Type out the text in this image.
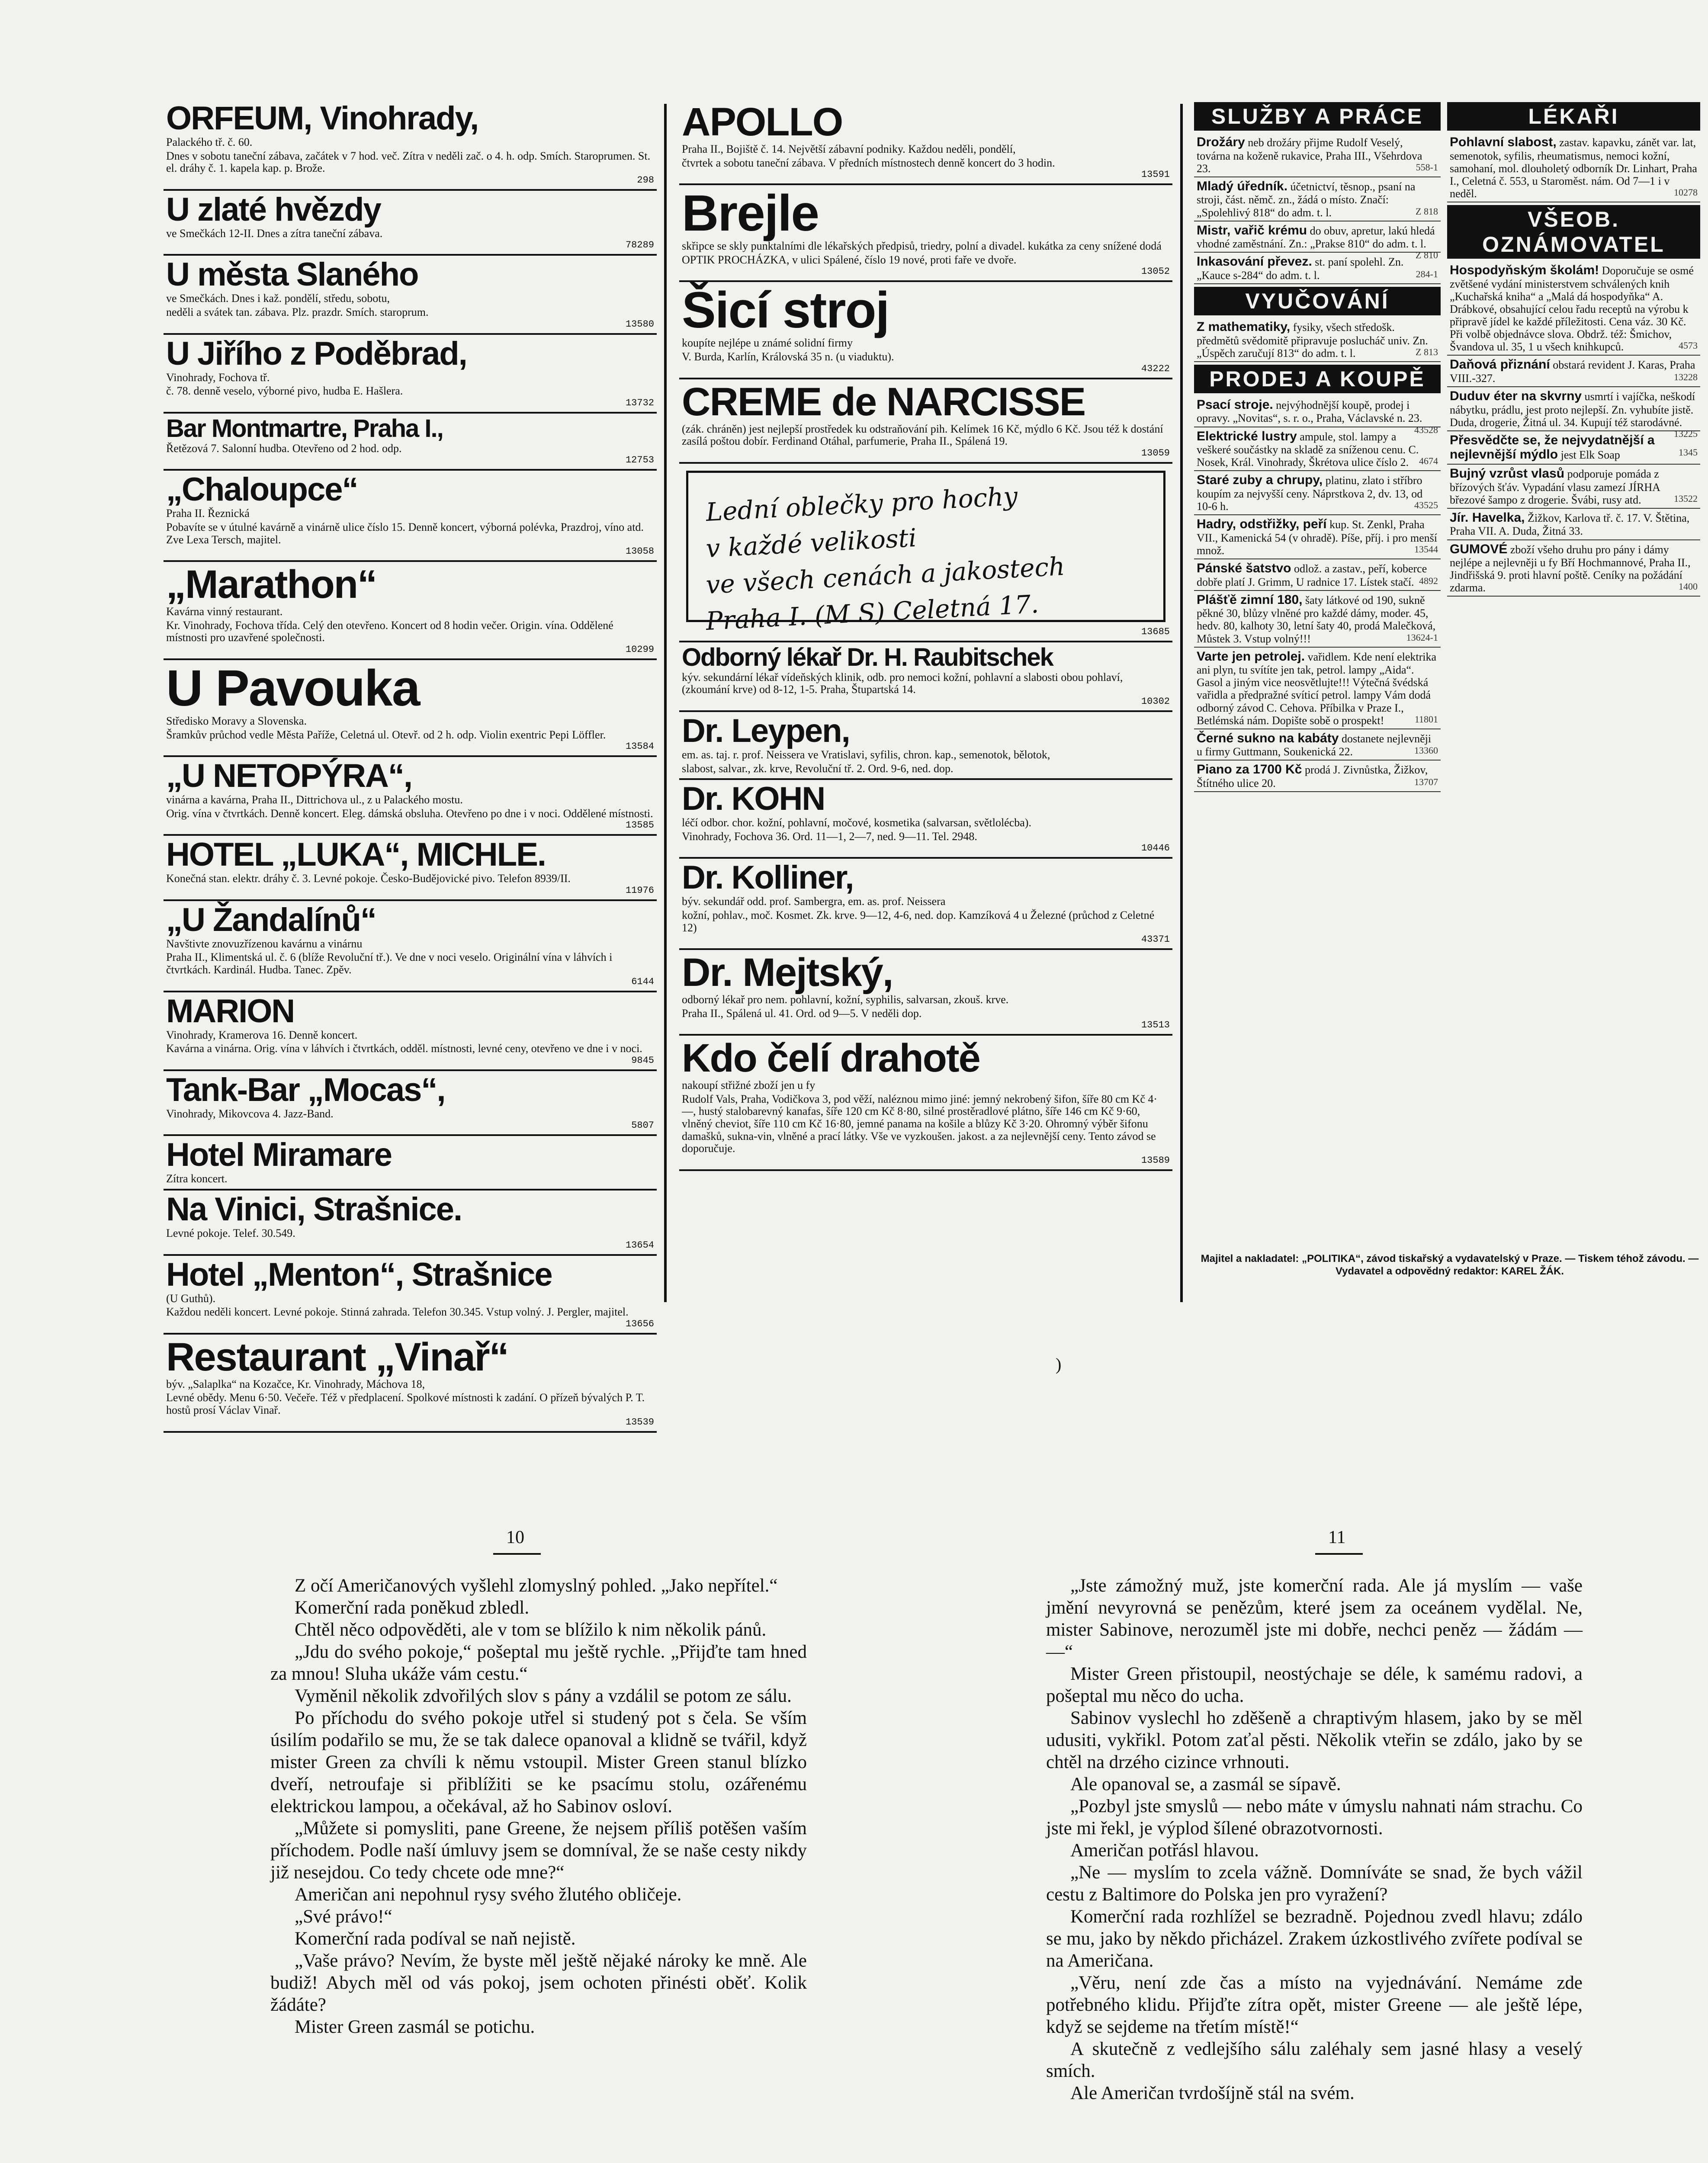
ORFEUM, Vinohrady,
Palackého tř. č. 60.
Dnes v sobotu taneční zábava, začátek v 7 hod. več. Zítra v neděli zač. o 4. h. odp. Smích. Staroprumen. St. el. dráhy č. 1. kapela kap. p. Brože.
298
U zlaté hvězdy
ve Smečkách 12-II. Dnes a zítra taneční zábava.
78289
U města Slaného
ve Smečkách. Dnes i kaž. pondělí, středu, sobotu,
neděli a svátek tan. zábava. Plz. prazdr. Smích. staroprum.
13580
U Jiřího z Poděbrad,
Vinohrady, Fochova tř.
č. 78. denně veselo, výborné pivo, hudba E. Hašlera.
13732
Bar Montmartre, Praha I.,
Řetězová 7. Salonní hudba. Otevřeno od 2 hod. odp.
12753
„Chaloupce“
Praha II. Řeznická
Pobavíte se v útulné kavárně a vinárně ulice číslo 15. Denně koncert, výborná polévka, Prazdroj, víno atd. Zve Lexa Tersch, majitel.
13058
„Marathon“
Kavárna vinný restaurant.
Kr. Vinohrady, Fochova třída. Celý den otevřeno. Koncert od 8 hodin večer. Origin. vína. Oddělené místnosti pro uzavřené společnosti.
10299
U Pavouka
Středisko Moravy a Slovenska.
Šramkův průchod vedle Města Paříže, Celetná ul. Otevř. od 2 h. odp. Violin exentric Pepi Löffler.
13584
„U NETOPÝRA“,
vinárna a kavárna, Praha II., Dittrichova ul., z u Palackého mostu.
Orig. vína v čtvrtkách. Denně koncert. Eleg. dámská obsluha. Otevřeno po dne i v noci. Oddělené místnosti.
13585
HOTEL „LUKA“, MICHLE.
Konečná stan. elektr. dráhy č. 3. Levné pokoje. Česko-Budějovické pivo. Telefon 8939/II.
11976
„U Žandalínů“
Navštivte znovuzřízenou kavárnu a vinárnu
Praha II., Klimentská ul. č. 6 (blíže Revoluční tř.). Ve dne v noci veselo. Originální vína v láhvích i čtvrtkách. Kardinál. Hudba. Tanec. Zpěv.
6144
MARION
Vinohrady, Kramerova 16. Denně koncert.
Kavárna a vinárna. Orig. vína v láhvích i čtvrtkách, odděl. místnosti, levné ceny, otevřeno ve dne i v noci.
9845
Tank-Bar „Mocas“,
Vinohrady, Mikovcova 4. Jazz-Band.
5807
Hotel Miramare
Zítra koncert.
Na Vinici, Strašnice.
Levné pokoje. Telef. 30.549.
13654
Hotel „Menton“, Strašnice
(U Guthů).
Každou neděli koncert. Levné pokoje. Stinná zahrada. Telefon 30.345. Vstup volný. J. Pergler, majitel.
13656
Restaurant „Vinař“
býv. „Salaplka“ na Kozačce, Kr. Vinohrady, Máchova 18,
Levné obědy. Menu 6·50. Večeře. Též v předplacení. Spolkové místnosti k zadání. O přízeň bývalých P. T. hostů prosí Václav Vinař.
13539
APOLLO
Praha II., Bojiště č. 14. Největší zábavní podniky. Každou neděli, pondělí,
čtvrtek a sobotu taneční zábava. V předních místnostech denně koncert do 3 hodin.
13591
Brejle
skřipce se skly punktalními dle lékařských předpisů, triedry, polní a divadel. kukátka za ceny snížené dodá
OPTIK PROCHÁZKA, v ulici Spálené, číslo 19 nové, proti faře ve dvoře.
13052
Šicí stroj
koupíte nejlépe u známé solidní firmy
V. Burda, Karlín, Královská 35 n. (u viaduktu).
43222
CREME de NARCISSE
(zák. chráněn) jest nejlepší prostředek ku odstraňování pih. Kelímek 16 Kč, mýdlo 6 Kč. Jsou též k dostání zasílá poštou dobír. Ferdinand Otáhal, parfumerie, Praha II., Spálená 19.
13059
Lední oblečky pro hochy
v každé velikosti
ve všech cenách a jakostech
Praha I. (M S) Celetná 17.	13685
Odborný lékař Dr. H. Raubitschek
kýv. sekundární lékař vídeňských klinik, odb. pro nemoci kožní, pohlavní a slabosti obou pohlaví, (zkoumání krve) od 8-12, 1-5. Praha, Štupartská 14.
10302
Dr. Leypen,
em. as. taj. r. prof. Neissera ve Vratislavi, syfilis, chron. kap., semenotok, bělotok,
slabost, salvar., zk. krve, Revoluční tř. 2. Ord. 9-6, ned. dop.
Dr. KOHN
léčí odbor. chor. kožní, pohlavní, močové, kosmetika (salvarsan, světlolécba).
Vinohrady, Fochova 36. Ord. 11—1, 2—7, ned. 9—11. Tel. 2948.
10446
Dr. Kolliner,
býv. sekundář odd. prof. Sambergra, em. as. prof. Neissera
kožní, pohlav., moč. Kosmet. Zk. krve. 9—12, 4-6, ned. dop. Kamzíková 4 u Železné (průchod z Celetné 12)
43371
Dr. Mejtský,
odborný lékař pro nem. pohlavní, kožní, syphilis, salvarsan, zkouš. krve.
Praha II., Spálená ul. 41. Ord. od 9—5. V neděli dop.
13513
Kdo čelí drahotě
nakoupí střižné zboží jen u fy
Rudolf Vals, Praha, Vodičkova 3, pod věží, naléznou mimo jiné: jemný nekrobený šifon, šíře 80 cm Kč 4·—, hustý stalobarevný kanafas, šíře 120 cm Kč 8·80, silné prostěradlové plátno, šíře 146 cm Kč 9·60, vlněný cheviot, šíře 110 cm Kč 16·80, jemné panama na košile a blůzy Kč 3·20. Ohromný výběr šifonu damašků, sukna-vin, vlněné a prací látky. Vše ve vyzkoušen. jakost. a za nejlevnější ceny. Tento závod se doporučuje.
13589
SLUŽBY A PRÁCE
Drožáry neb drožáry přijme Rudolf Veselý, továrna na koženě rukavice, Praha III., Všehrdova 23.	558-1
Mladý úředník. účetnictví, těsnop., psaní na stroji, část. němč. zn., žádá o místo. Značí: „Spolehlivý 818“ do adm. t. l.	Z 818
Mistr, vařič krému do obuv, apretur, lakú hledá vhodné zaměstnání. Zn.: „Prakse 810“ do adm. t. l.
Z 810
Inkasování převez. st. paní spolehl. Zn. „Kauce s-284“ do adm. t. l.	284-1
VYUČOVÁNÍ
Z mathematiky, fysiky, všech středošk. předmětů svědomitě připravuje poslucháč univ. Zn. „Úspěch zaručují 813“ do adm. t. l.	Z 813
PRODEJ A KOUPĚ
Psací stroje. nejvýhodnější koupě, prodej i opravy. „Novitas“, s. r. o., Praha, Václavské n. 23.
43528
Elektrické lustry ampule, stol. lampy a veškeré součástky na skladě za sníženou cenu. C. Nosek, Král. Vinohrady, Škrétova ulice číslo 2. 4674
Staré zuby a chrupy, platinu, zlato i stříbro koupím za nejvyšší ceny. Náprstkova 2, dv. 13, od 10-6 h.	43525
Hadry, odstřižky, peří kup. St. Zenkl, Praha VII., Kamenická 54 (v ohradě). Píše, příj. i pro menší množ.	13544
Pánské šatstvo odlož. a zastav., peří, koberce dobře platí J. Grimm, U radnice 17. Lístek stačí. 4892
Plášťě zimní 180, šaty látkové od 190, sukně pěkné 30, blůzy vlněné pro každé dámy, moder. 45, hedv. 80, kalhoty 30, letní šaty 40, prodá Malečková, Můstek 3. Vstup volný!!!	13624-1
Varte jen petrolej. vařidlem. Kde není elektrika ani plyn, tu svítíte jen tak, petrol. lampy „Aida“. Gasol a jiným vice neosvětlujte!!! Výtečná švédská vařidla a předpražné svíticí petrol. lampy Vám dodá odborný závod C. Cehova. Příbilka v Praze I., Betlémská nám. Dopište sobě o prospekt!	11801
Černé sukno na kabáty dostanete nejlevněji u firmy Guttmann, Soukenická 22.	13360
Piano za 1700 Kč prodá J. Zivnůstka, Žižkov, Štítného ulice 20.	13707
LÉKAŘI
Pohlavní slabost, zastav. kapavku, zánět var. lat, semenotok, syfilis, rheumatismus, nemoci kožní, samohaní, mol. dlouholetý odborník Dr. Linhart, Praha I., Celetná č. 553, u Staroměst. nám. Od 7—1 i v neděl.	10278
VŠEOB. OZNÁMOVATEL
Hospodyňským školám! Doporučuje se osmé zvětšené vydání ministerstvem schválených knih „Kuchařská kniha“ a „Malá dá hospodyňka“ A. Drábkové, obsahující celou řadu receptů na výrobu k připravě jídel ke každé příležitosti. Cena váz. 30 Kč. Při volbě objednávce slova. Obdrž. též: Šmichov, Švandova ul. 35, 1 u všech knihkupců.	4573
Daňová přiznání obstará revident J. Karas, Praha VIII.-327.	13228
Duduv éter na skvrny usmrtí i vajíčka, neškodí nábytku, prádlu, jest proto nejlepší. Zn. vyhubíte jistě. Duda, drogerie, Žitná ul. 34. Kupují též starodávné.
13225
Přesvědčte se, že nejvydatnější a nejlevnější mýdlo jest Elk Soap	1345
Bujný vzrůst vlasů podporuje pomáda z břízových šťáv. Vypadání vlasu zamezí JÍRHA březové šampo z drogerie. Švábi, rusy atd.	13522
Jír. Havelka, Žižkov, Karlova tř. č. 17. V. Štětina, Praha VII. A. Duda, Žitná 33.
GUMOVÉ zboží všeho druhu pro pány i dámy nejlépe a nejlevněji u fy Bří Hochmannové, Praha II., Jindřišská 9. proti hlavní poště. Ceníky na požádání zdarma.	1400
Majitel a nakladatel: „POLITIKA“, závod tiskařský a vydavatelský v Praze. — Tiskem téhož závodu. — Vydavatel a odpovědný redaktor: KAREL ŽÁK.
10	11

Z očí Američanových vyšlehl zlomyslný pohled. „Jako nepřítel.“

Komerční rada poněkud zbledl.

Chtěl něco odpověděti, ale v tom se blížilo k nim několik pánů.

„Jdu do svého pokoje,“ pošeptal mu ještě rychle. „Přijďte tam hned za mnou! Sluha ukáže vám cestu.“

Vyměnil několik zdvořilých slov s pány a vzdálil se potom ze sálu.

Po příchodu do svého pokoje utřel si studený pot s čela. Se vším úsilím podařilo se mu, že se tak dalece opanoval a klidně se tvářil, když mister Green za chvíli k němu vstoupil. Mister Green stanul blízko dveří, netroufaje si přiblížiti se ke psacímu stolu, ozářenému elektrickou lampou, a očekával, až ho Sabinov osloví.

„Můžete si pomysliti, pane Greene, že nejsem příliš potěšen vaším příchodem. Podle naší úmluvy jsem se domníval, že se naše cesty nikdy již nesejdou. Co tedy chcete ode mne?“

Američan ani nepohnul rysy svého žlutého obličeje.

„Své právo!“

Komerční rada podíval se naň nejistě.

„Vaše právo? Nevím, že byste měl ještě nějaké nároky ke mně. Ale budiž! Abych měl od vás pokoj, jsem ochoten přinésti oběť. Kolik žádáte?

Mister Green zasmál se potichu.

„Jste zámožný muž, jste komerční rada. Ale já myslím — vaše jmění nevyrovná se penězům, které jsem za oceánem vydělal. Ne, mister Sabinove, nerozuměl jste mi dobře, nechci peněz — žádám — —“

Mister Green přistoupil, neostýchaje se déle, k samému radovi, a pošeptal mu něco do ucha.

Sabinov vyslechl ho zděšeně a chraptivým hlasem, jako by se měl udusiti, vykřikl. Potom zaťal pěsti. Několik vteřin se zdálo, jako by se chtěl na drzého cizince vrhnouti.

Ale opanoval se, a zasmál se sípavě.

„Pozbyl jste smyslů — nebo máte v úmyslu nahnati nám strachu. Co jste mi řekl, je výplod šílené obrazotvornosti.

Američan potřásl hlavou.

„Ne — myslím to zcela vážně. Domníváte se snad, že bych vážil cestu z Baltimore do Polska jen pro vyražení?

Komerční rada rozhlížel se bezradně. Pojednou zvedl hlavu; zdálo se mu, jako by někdo přicházel. Zrakem úzkostlivého zvířete podíval se na Američana.

„Věru, není zde čas a místo na vyjednávání. Nemáme zde potřebného klidu. Přijďte zítra opět, mister Greene — ale ještě lépe, když se sejdeme na třetím místě!“

A skutečně z vedlejšího sálu zaléhaly sem jasné hlasy a veselý smích.

Ale Američan tvrdošíjně stál na svém.

)
